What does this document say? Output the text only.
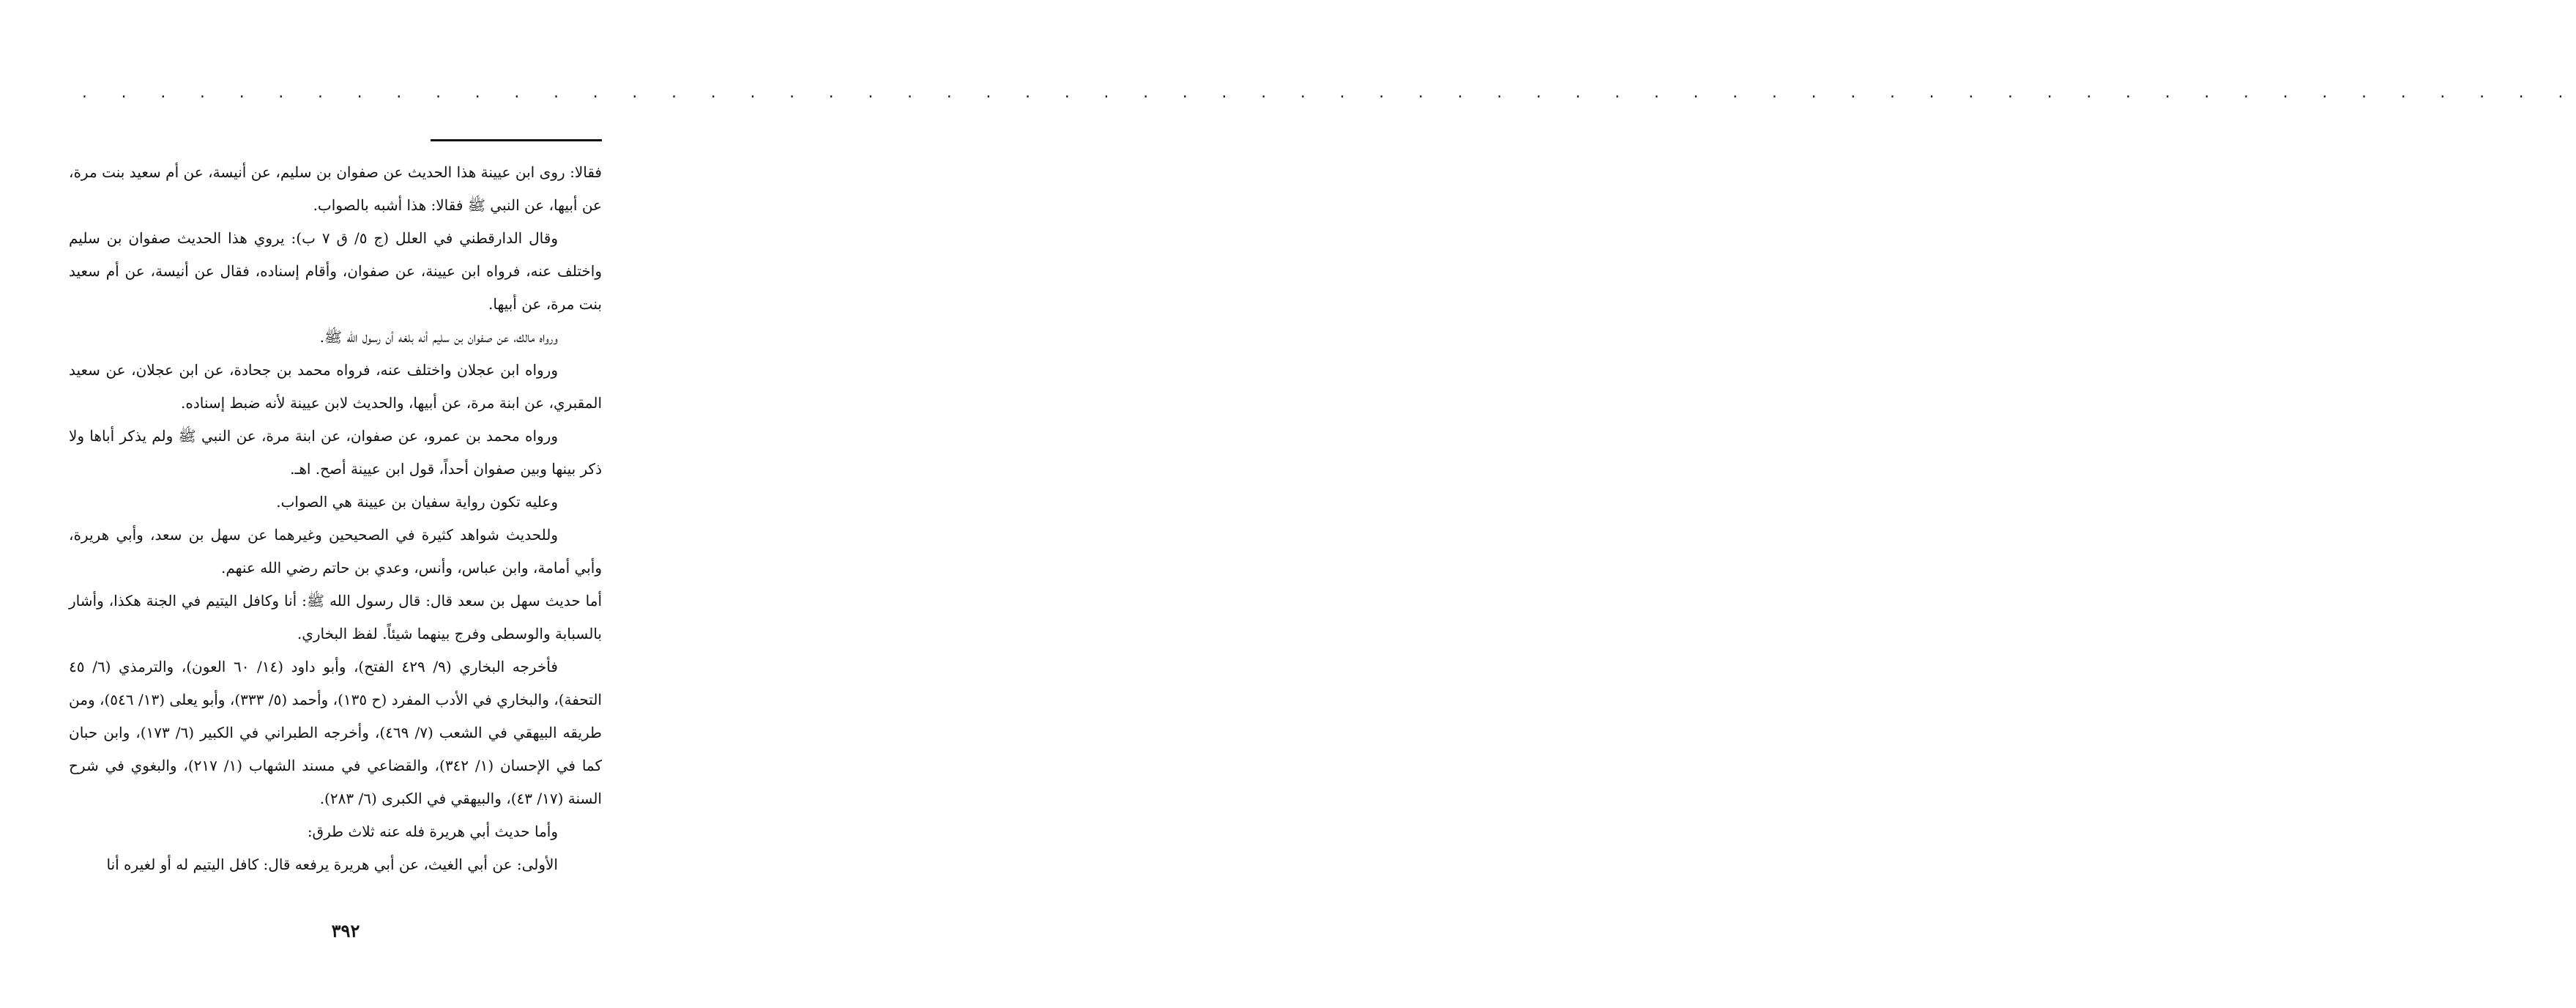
. . . . . . . . . . . . . . . . . . . . . . . . . . . . . . . . . . . . . . . . . . . . . . . . . . . . . . . . . . . . . . . .

فقالا: روى ابن عيينة هذا الحديث عن صفوان بن سليم، عن أنيسة، عن أم سعيد بنت مرة، عن أبيها، عن النبي ﷺ فقالا: هذا أشبه بالصواب.

وقال الدارقطني في العلل (ج ٥/ ق ٧ ب): يروي هذا الحديث صفوان بن سليم واختلف عنه، فرواه ابن عيينة، عن صفوان، وأقام إسناده، فقال عن أنيسة، عن أم سعيد بنت مرة، عن أبيها.

ورواه مالك، عن صفوان بن سليم أنه بلغه أن رسول الله ﷺ.

ورواه ابن عجلان واختلف عنه، فرواه محمد بن جحادة، عن ابن عجلان، عن سعيد المقبري، عن ابنة مرة، عن أبيها، والحديث لابن عيينة لأنه ضبط إسناده.

ورواه محمد بن عمرو، عن صفوان، عن ابنة مرة، عن النبي ﷺ ولم يذكر أباها ولا ذكر بينها وبين صفوان أحداً، قول ابن عيينة أصح. اهـ.

وعليه تكون رواية سفيان بن عيينة هي الصواب.

وللحديث شواهد كثيرة في الصحيحين وغيرهما عن سهل بن سعد، وأبي هريرة، وأبي أمامة، وابن عباس، وأنس، وعدي بن حاتم رضي الله عنهم.

أما حديث سهل بن سعد قال: قال رسول الله ﷺ: أنا وكافل اليتيم في الجنة هكذا، وأشار بالسبابة والوسطى وفرج بينهما شيئاً. لفظ البخاري.

فأخرجه البخاري (٩/ ٤٢٩ الفتح)، وأبو داود (١٤/ ٦٠ العون)، والترمذي (٦/ ٤٥ التحفة)، والبخاري في الأدب المفرد (ح ١٣٥)، وأحمد (٥/ ٣٣٣)، وأبو يعلى (١٣/ ٥٤٦)، ومن طريقه البيهقي في الشعب (٧/ ٤٦٩)، وأخرجه الطبراني في الكبير (٦/ ١٧٣)، وابن حبان كما في الإحسان (١/ ٣٤٢)، والقضاعي في مسند الشهاب (١/ ٢١٧)، والبغوي في شرح السنة (١٧/ ٤٣)، والبيهقي في الكبرى (٦/ ٢٨٣).

وأما حديث أبي هريرة فله عنه ثلاث طرق:

الأولى: عن أبي الغيث، عن أبي هريرة يرفعه قال: كافل اليتيم له أو لغيره أنا

٣٩٢
